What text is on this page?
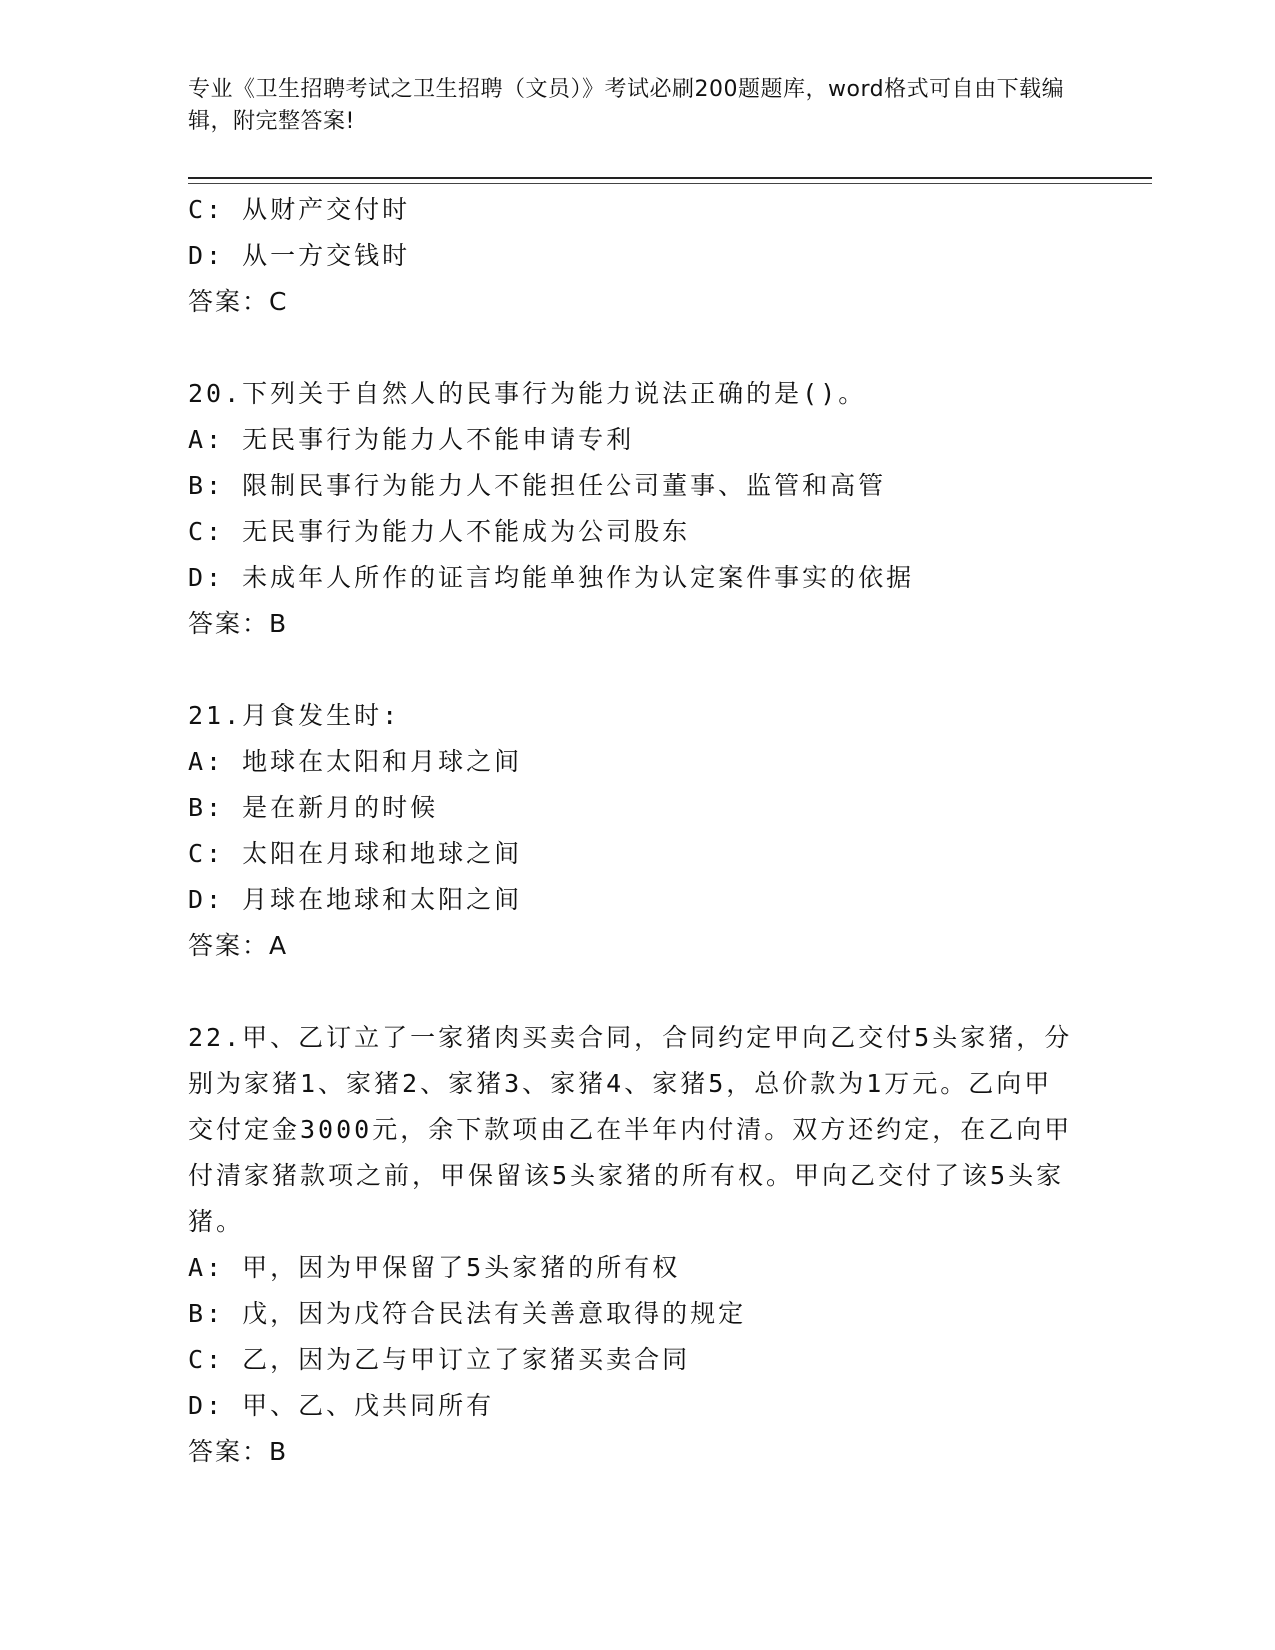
专业《卫生招聘考试之卫生招聘（文员）》考试必刷200题题库，word格式可自由下载编辑，附完整答案!
C: 从财产交付时
D: 从一方交钱时
答案：C
20.下列关于自然人的民事行为能力说法正确的是()。
A: 无民事行为能力人不能申请专利
B: 限制民事行为能力人不能担任公司董事、监管和高管
C: 无民事行为能力人不能成为公司股东
D: 未成年人所作的证言均能单独作为认定案件事实的依据
答案：B
21.月食发生时:
A: 地球在太阳和月球之间
B: 是在新月的时候
C: 太阳在月球和地球之间
D: 月球在地球和太阳之间
答案：A
22.甲、乙订立了一家猪肉买卖合同，合同约定甲向乙交付5头家猪，分别为家猪1、家猪2、家猪3、家猪4、家猪5，总价款为1万元。乙向甲交付定金3000元，余下款项由乙在半年内付清。双方还约定，在乙向甲付清家猪款项之前，甲保留该5头家猪的所有权。甲向乙交付了该5头家猪。
A: 甲，因为甲保留了5头家猪的所有权
B: 戊，因为戊符合民法有关善意取得的规定
C: 乙，因为乙与甲订立了家猪买卖合同
D: 甲、乙、戊共同所有
答案：B
